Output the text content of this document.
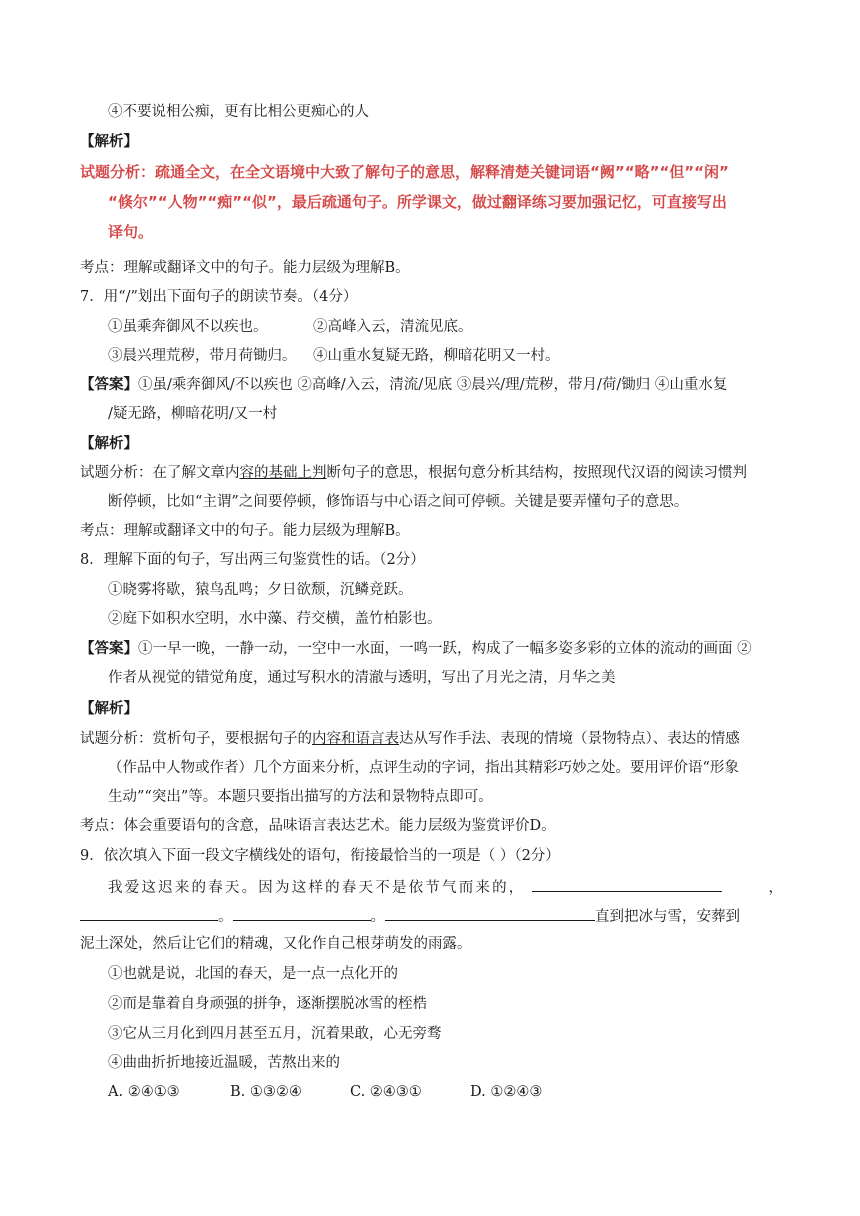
④不要说相公痴，更有比相公更痴心的人
【解析】
试题分析：疏通全文，在全文语境中大致了解句子的意思，解释清楚关键词语“阙”“略”“但”“闲”
“倏尔”“人物”“痴”“似”，最后疏通句子。所学课文，做过翻译练习要加强记忆，可直接写出
译句。
考点：理解或翻译文中的句子。能力层级为理解B。
7．用“/”划出下面句子的朗读节奏。（4分）
①虽乘奔御风不以疾也。	②高峰入云，清流见底。
③晨兴理荒秽，带月荷锄归。 ④山重水复疑无路，柳暗花明又一村。
【答案】①虽/乘奔御风/不以疾也 ②高峰/入云，清流/见底 ③晨兴/理/荒秽，带月/荷/锄归 ④山重水复
/疑无路，柳暗花明/又一村
【解析】
试题分析：在了解文章内容的基础上判断句子的意思，根据句意分析其结构，按照现代汉语的阅读习惯判
断停顿，比如“主谓”之间要停顿，修饰语与中心语之间可停顿。关键是要弄懂句子的意思。
考点：理解或翻译文中的句子。能力层级为理解B。
8．理解下面的句子，写出两三句鉴赏性的话。（2分）
①晓雾将歇，猿鸟乱鸣；夕日欲颓，沉鳞竞跃。
②庭下如积水空明，水中藻、荇交横，盖竹柏影也。
【答案】①一早一晚，一静一动，一空中一水面，一鸣一跃，构成了一幅多姿多彩的立体的流动的画面 ②
作者从视觉的错觉角度，通过写积水的清澈与透明，写出了月光之清，月华之美
【解析】
试题分析：赏析句子，要根据句子的内容和语言表达从写作手法、表现的情境（景物特点）、表达的情感
（作品中人物或作者）几个方面来分析，点评生动的字词，指出其精彩巧妙之处。要用评价语“形象
生动”“突出”等。本题只要指出描写的方法和景物特点即可。
考点：体会重要语句的含意，品味语言表达艺术。能力层级为鉴赏评价D。
9．依次填入下面一段文字横线处的语句，衔接最恰当的一项是（ ）（2分）
我爱这迟来的春天。因为这样的春天不是依节气而来的，	，
。	。	直到把冰与雪，安葬到
泥土深处，然后让它们的精魂，又化作自己根芽萌发的雨露。
①也就是说，北国的春天，是一点一点化开的
②而是靠着自身顽强的拼争，逐渐摆脱冰雪的桎梏
③它从三月化到四月甚至五月，沉着果敢，心无旁骛
④曲曲折折地接近温暖，苦熬出来的
A. ②④①③	B. ①③②④	C. ②④③①	D. ①②④③
